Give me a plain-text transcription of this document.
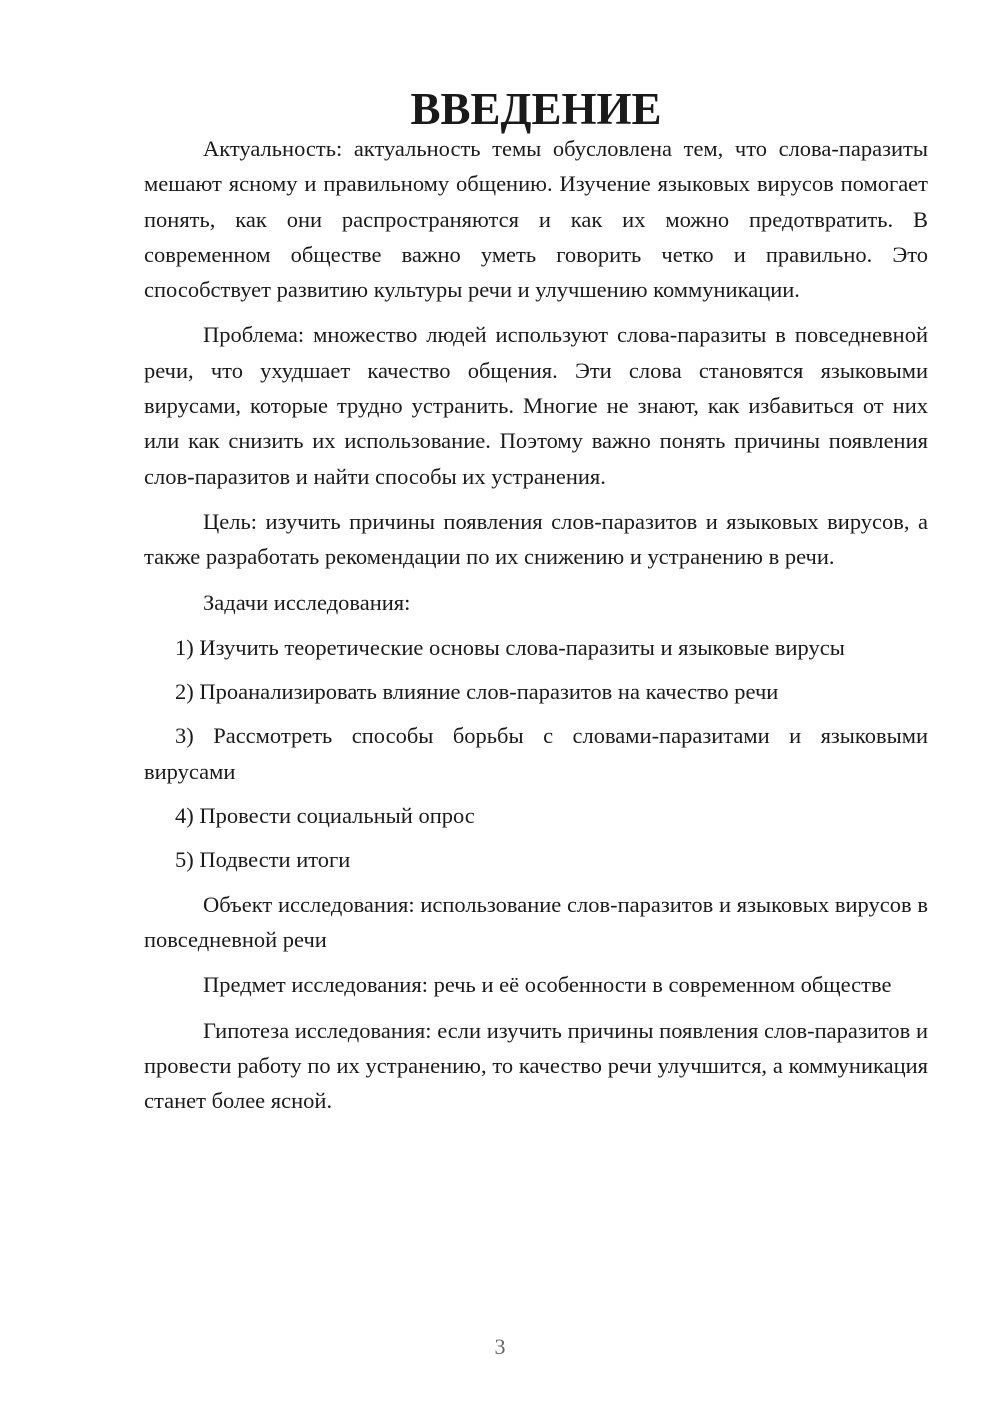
ВВЕДЕНИЕ

Актуальность: актуальность темы обусловлена тем, что слова-паразиты мешают ясному и правильному общению. Изучение языковых вирусов помогает понять, как они распространяются и как их можно предотвратить. В современном обществе важно уметь говорить четко и правильно. Это способствует развитию культуры речи и улучшению коммуникации.

Проблема: множество людей используют слова-паразиты в повседневной речи, что ухудшает качество общения. Эти слова становятся языковыми вирусами, которые трудно устранить. Многие не знают, как избавиться от них или как снизить их использование. Поэтому важно понять причины появления слов-паразитов и найти способы их устранения.

Цель: изучить причины появления слов-паразитов и языковых вирусов, а также разработать рекомендации по их снижению и устранению в речи.

Задачи исследования:

1) Изучить теоретические основы слова-паразиты и языковые вирусы

2) Проанализировать влияние слов-паразитов на качество речи

3) Рассмотреть способы борьбы с словами-паразитами и языковыми вирусами

4) Провести социальный опрос

5) Подвести итоги

Объект исследования: использование слов-паразитов и языковых вирусов в повседневной речи

Предмет исследования: речь и её особенности в современном обществе

Гипотеза исследования: если изучить причины появления слов-паразитов и провести работу по их устранению, то качество речи улучшится, а коммуникация станет более ясной.

3
